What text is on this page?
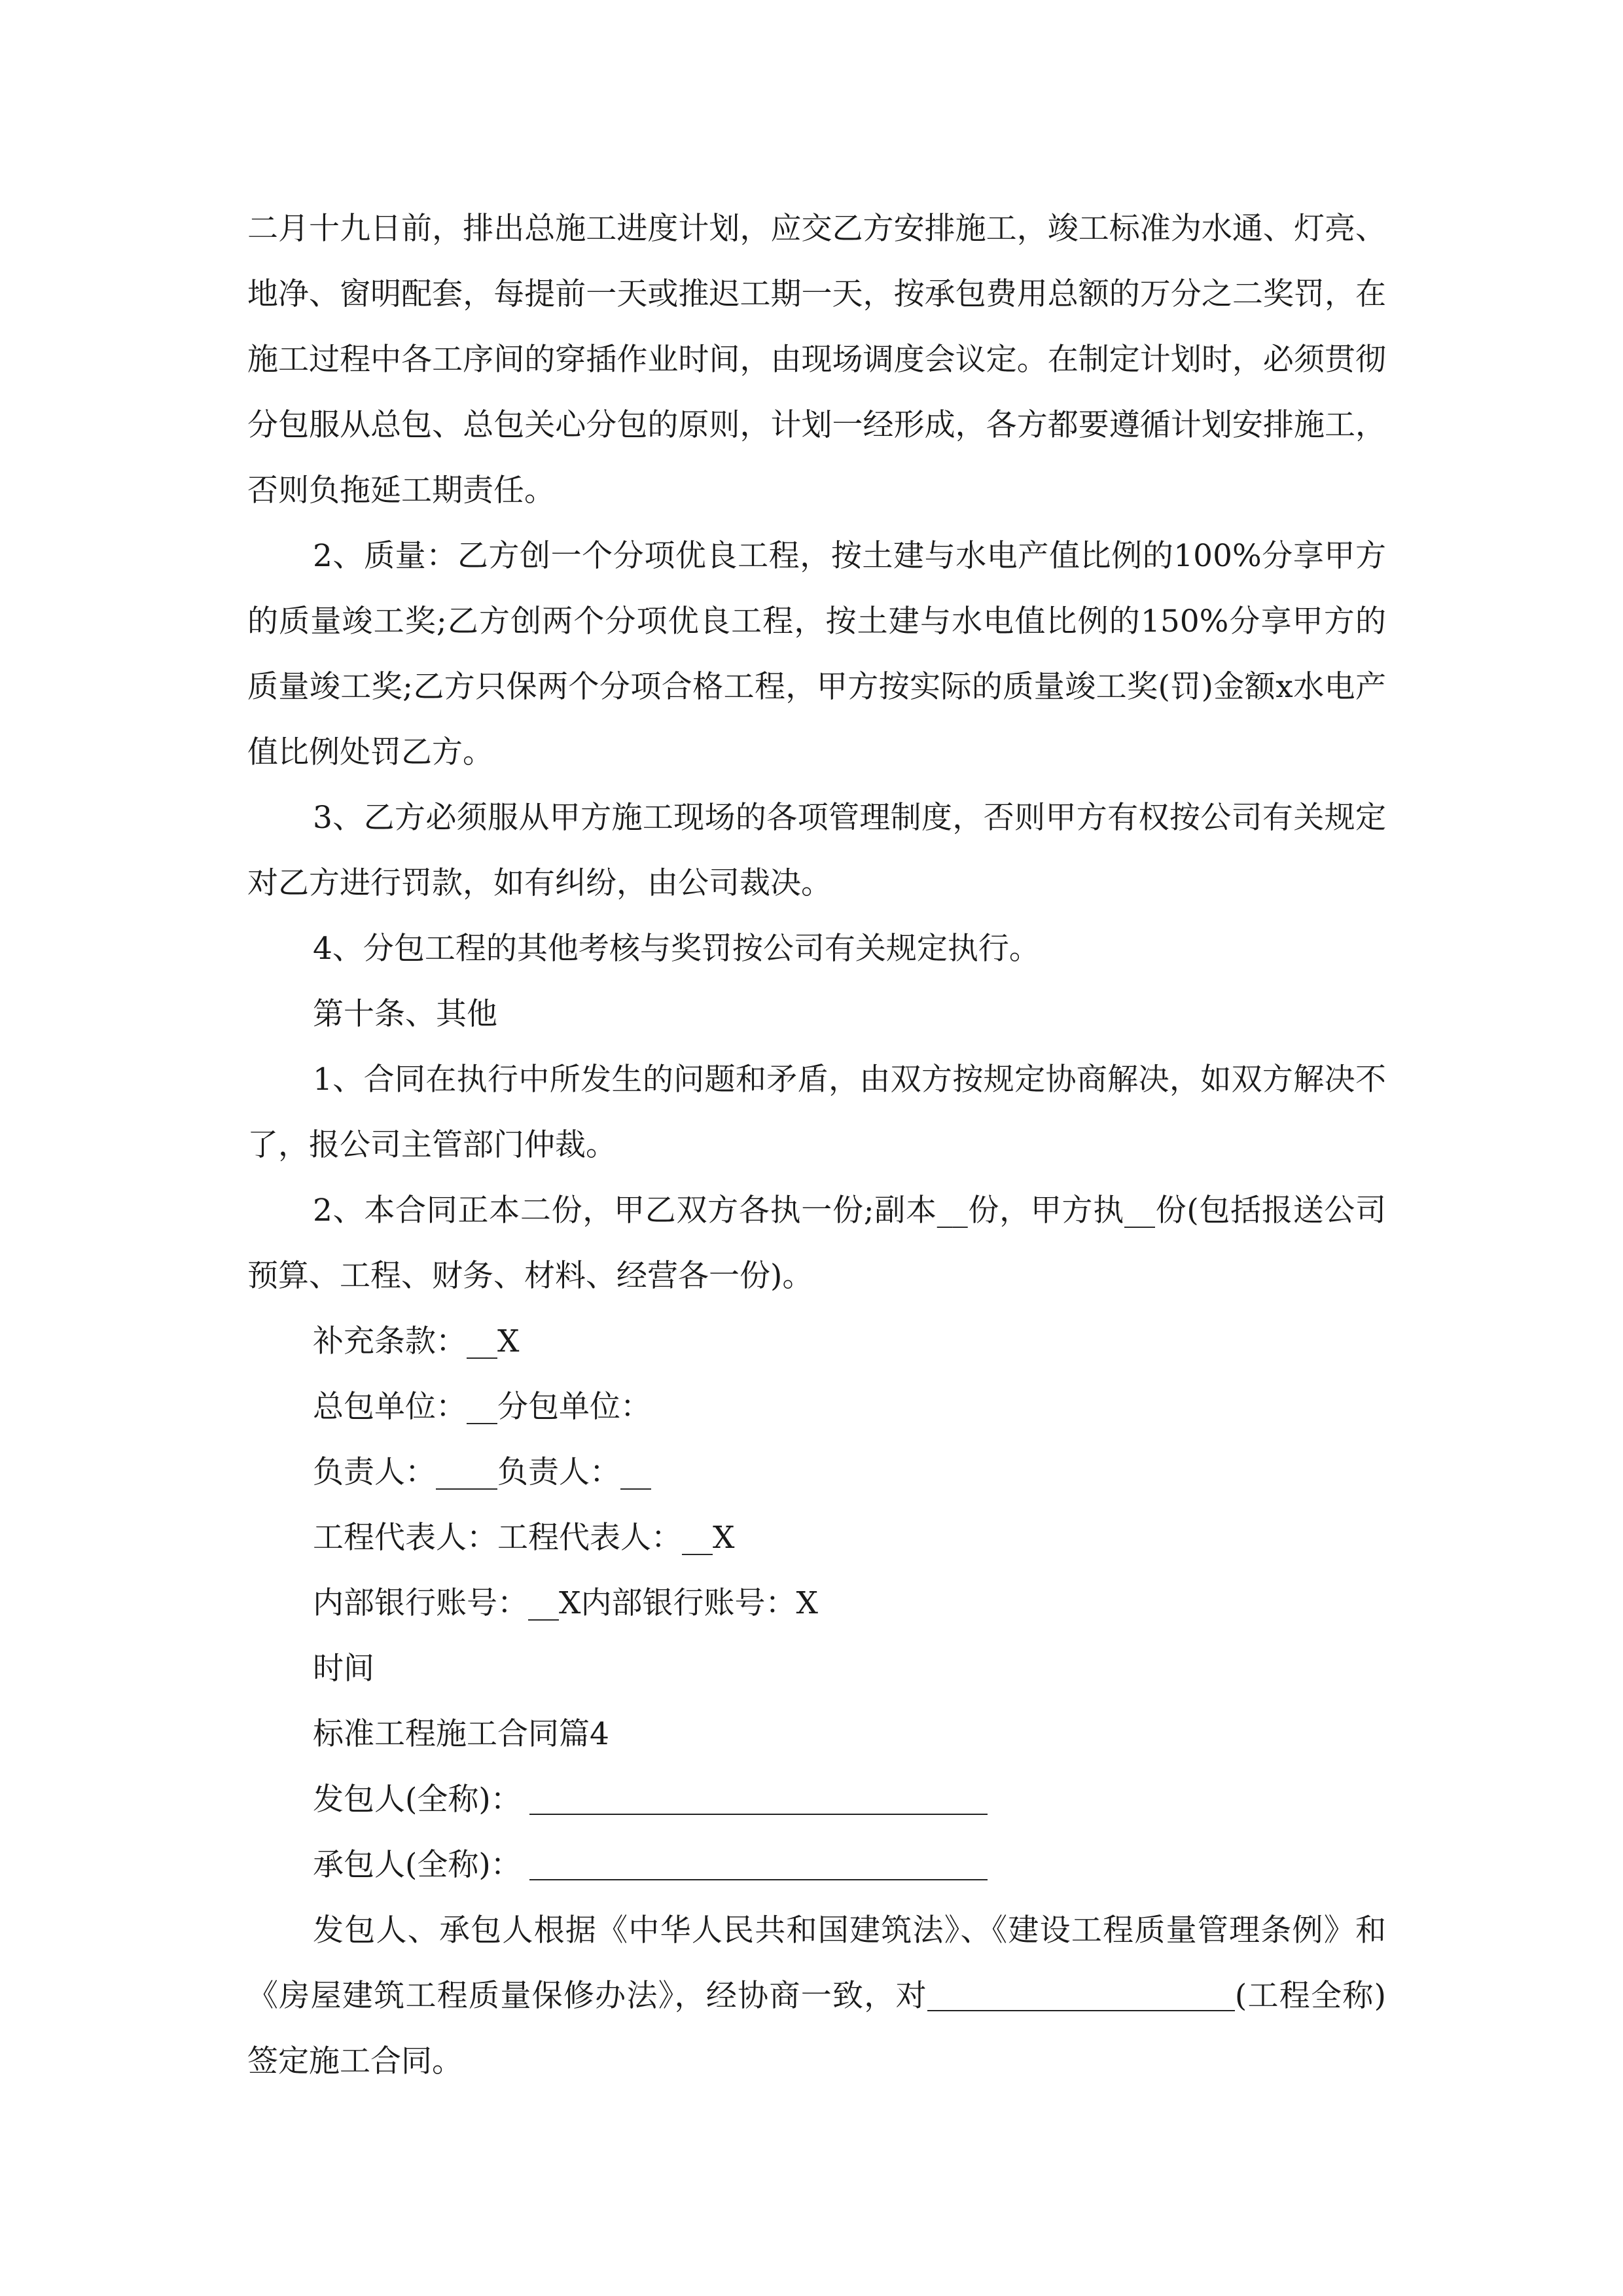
二月十九日前，排出总施工进度计划，应交乙方安排施工，竣工标准为水通、灯亮、地净、窗明配套，每提前一天或推迟工期一天，按承包费用总额的万分之二奖罚，在施工过程中各工序间的穿插作业时间，由现场调度会议定。在制定计划时，必须贯彻分包服从总包、总包关心分包的原则，计划一经形成，各方都要遵循计划安排施工，否则负拖延工期责任。

2、质量：乙方创一个分项优良工程，按土建与水电产值比例的100%分享甲方的质量竣工奖;乙方创两个分项优良工程，按土建与水电值比例的150%分享甲方的质量竣工奖;乙方只保两个分项合格工程，甲方按实际的质量竣工奖(罚)金额x水电产值比例处罚乙方。

3、乙方必须服从甲方施工现场的各项管理制度，否则甲方有权按公司有关规定对乙方进行罚款，如有纠纷，由公司裁决。

4、分包工程的其他考核与奖罚按公司有关规定执行。

第十条、其他

1、合同在执行中所发生的问题和矛盾，由双方按规定协商解决，如双方解决不了，报公司主管部门仲裁。

2、本合同正本二份，甲乙双方各执一份;副本__份，甲方执__份(包括报送公司预算、工程、财务、材料、经营各一份)。

补充条款：__X

总包单位：__分包单位：

负责人：____负责人：__

工程代表人：工程代表人：__X

内部银行账号：__X内部银行账号：X

时间

标准工程施工合同篇4

发包人(全称)：

承包人(全称)：

发包人、承包人根据《中华人民共和国建筑法》、《建设工程质量管理条例》和《房屋建筑工程质量保修办法》，经协商一致，对	(工程全称)签定施工合同。
